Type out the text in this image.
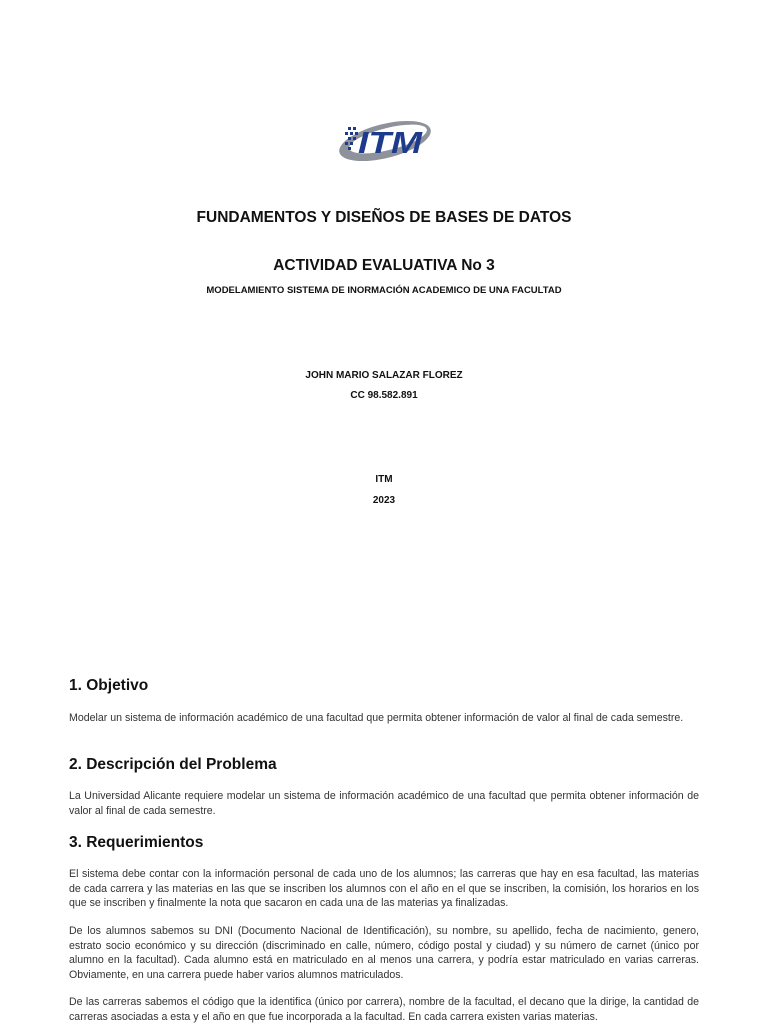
ITM
FUNDAMENTOS Y DISEÑOS DE BASES DE DATOS
ACTIVIDAD EVALUATIVA No 3
MODELAMIENTO SISTEMA DE INORMACIÓN ACADEMICO DE UNA FACULTAD
JOHN MARIO SALAZAR FLOREZ
CC 98.582.891
ITM
2023
1. Objetivo

Modelar un sistema de información académico de una facultad que permita obtener información de valor al final de cada semestre.

2. Descripción del Problema

La Universidad Alicante requiere modelar un sistema de información académico de una facultad que permita obtener información de valor al final de cada semestre.

3. Requerimientos

El sistema debe contar con la información personal de cada uno de los alumnos; las carreras que hay en esa facultad, las materias de cada carrera y las materias en las que se inscriben los alumnos con el año en el que se inscriben, la comisión, los horarios en los que se inscriben y finalmente la nota que sacaron en cada una de las materias ya finalizadas.

De los alumnos sabemos su DNI (Documento Nacional de Identificación), su nombre, su apellido, fecha de nacimiento, genero, estrato socio económico y su dirección (discriminado en calle, número, código postal y ciudad) y su número de carnet (único por alumno en la facultad). Cada alumno está en matriculado en al menos una carrera, y podría estar matriculado en varias carreras. Obviamente, en una carrera puede haber varios alumnos matriculados.

De las carreras sabemos el código que la identifica (único por carrera), nombre de la facultad, el decano que la dirige, la cantidad de carreras asociadas a esta y el año en que fue incorporada a la facultad. En cada carrera existen varias materias.
